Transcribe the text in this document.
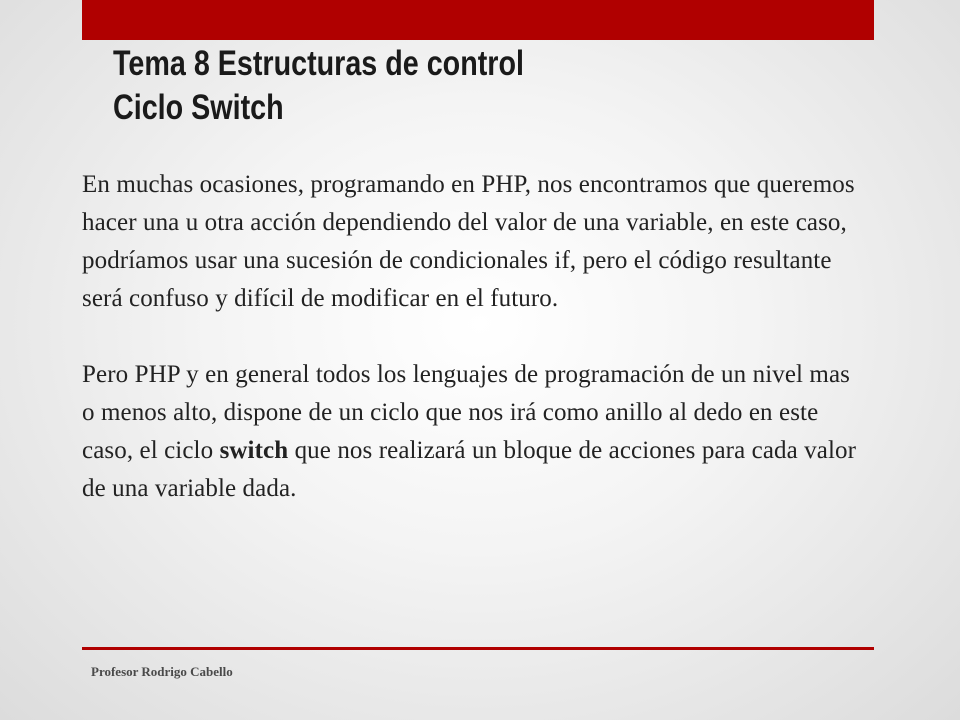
Tema 8 Estructuras de control
Ciclo Switch

En muchas ocasiones, programando en PHP, nos encontramos que queremos hacer una u otra acción dependiendo del valor de una variable, en este caso, podríamos usar una sucesión de condicionales if, pero el código resultante será confuso y difícil de modificar en el futuro.

Pero PHP y en general todos los lenguajes de programación de un nivel mas o menos alto, dispone de un ciclo que nos irá como anillo al dedo en este caso, el ciclo switch que nos realizará un bloque de acciones para cada valor de una variable dada.

Profesor Rodrigo Cabello
